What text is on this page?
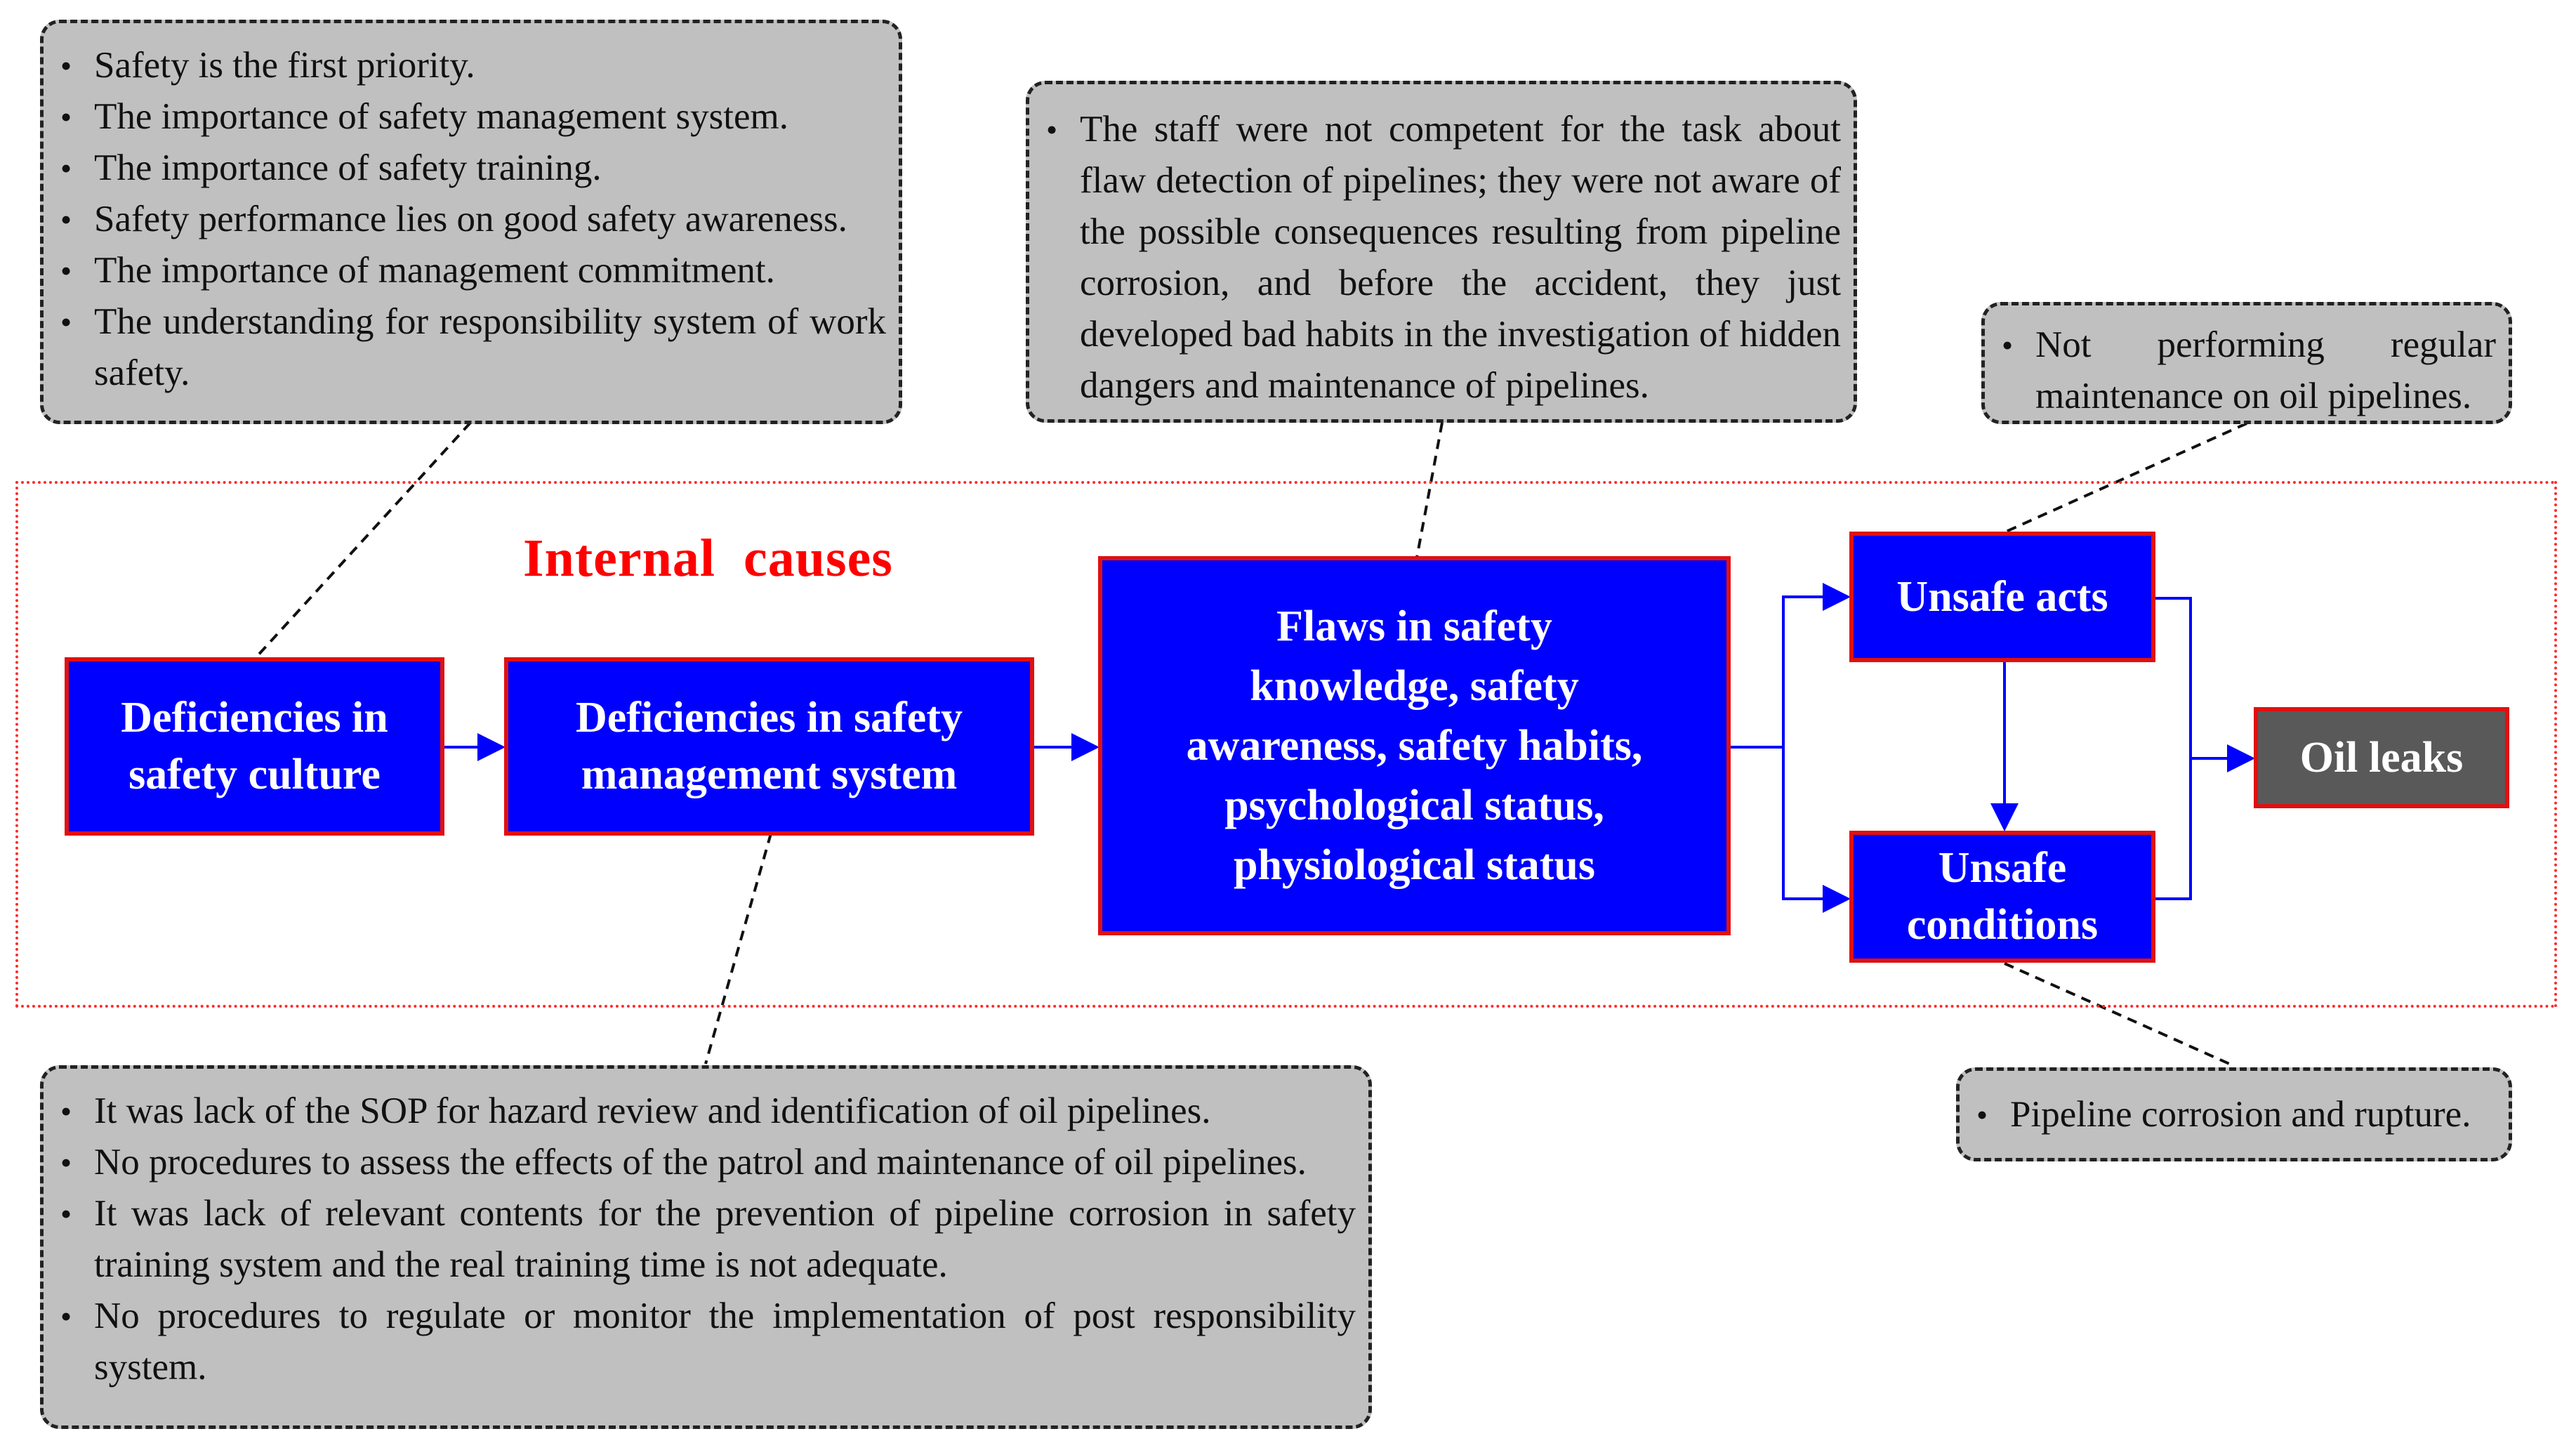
Internal  causes
Deficiencies in safety culture
Deficiencies in safety management system
Flaws in safety knowledge, safety awareness, safety habits, psychological status, physiological status
Unsafe acts
Unsafe conditions
Oil leaks
• Safety is the first priority.
• The importance of safety management system.
• The importance of safety training.
• Safety performance lies on good safety awareness.
• The importance of management commitment.
• The understanding for responsibility system of work safety.
• The staff were not competent for the task about flaw detection of pipelines; they were not aware of the possible consequences resulting from pipeline corrosion, and before the accident, they just developed bad habits in the investigation of hidden dangers and maintenance of pipelines.
• Not performing regular maintenance on oil pipelines.
• It was lack of the SOP for hazard review and identification of oil pipelines.
• No procedures to assess the effects of the patrol and maintenance of oil pipelines.
• It was lack of relevant contents for the prevention of pipeline corrosion in safety training system and the real training time is not adequate.
• No procedures to regulate or monitor the implementation of post responsibility system.
• Pipeline corrosion and rupture.
